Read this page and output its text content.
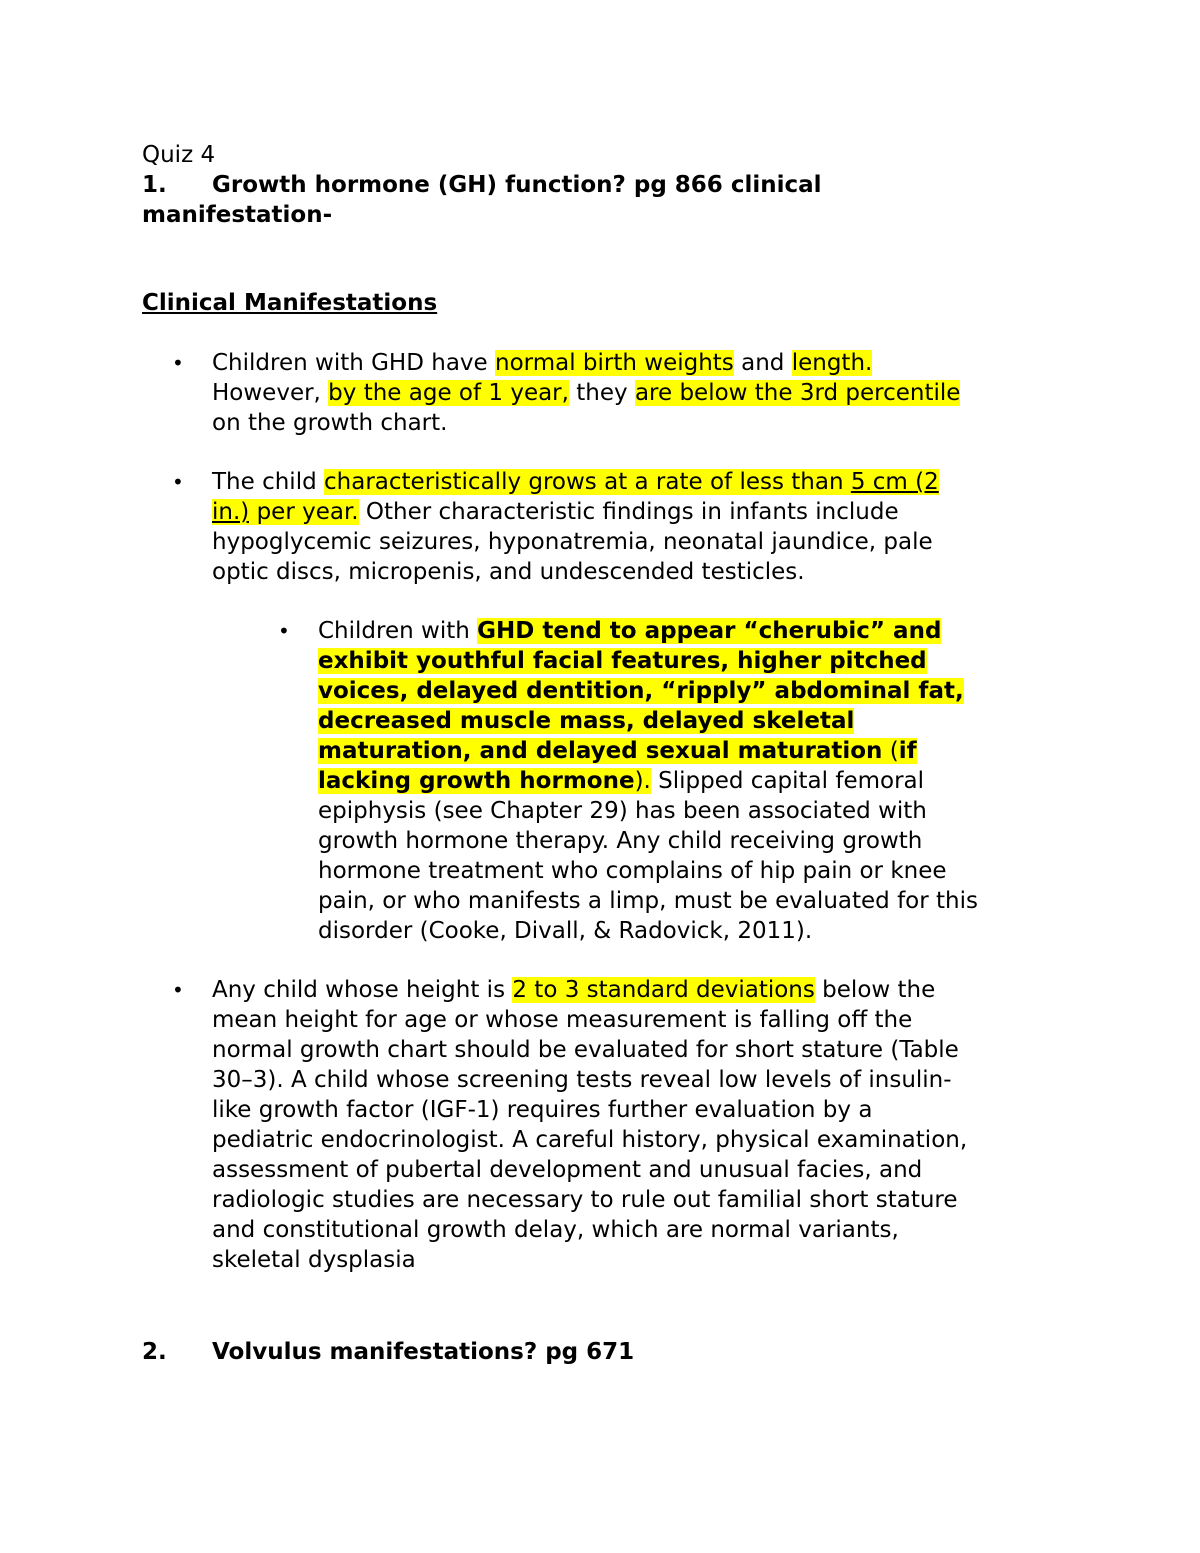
Quiz 4
1. Growth hormone (GH) function? pg 866 clinical
manifestation-
Clinical Manifestations
•	Children with GHD have normal birth weights and length.
However, by the age of 1 year, they are below the 3rd percentile
on the growth chart.
•	The child characteristically grows at a rate of less than 5 cm (2
in.) per year. Other characteristic findings in infants include
hypoglycemic seizures, hyponatremia, neonatal jaundice, pale
optic discs, micropenis, and undescended testicles.
•	Children with GHD tend to appear “cherubic” and
exhibit youthful facial features, higher pitched
voices, delayed dentition, “ripply” abdominal fat,
decreased muscle mass, delayed skeletal
maturation, and delayed sexual maturation (if
lacking growth hormone). Slipped capital femoral
epiphysis (see Chapter 29) has been associated with
growth hormone therapy. Any child receiving growth
hormone treatment who complains of hip pain or knee
pain, or who manifests a limp, must be evaluated for this
disorder (Cooke, Divall, & Radovick, 2011).
•	Any child whose height is 2 to 3 standard deviations below the
mean height for age or whose measurement is falling off the
normal growth chart should be evaluated for short stature (Table
30–3). A child whose screening tests reveal low levels of insulin-
like growth factor (IGF-1) requires further evaluation by a
pediatric endocrinologist. A careful history, physical examination,
assessment of pubertal development and unusual facies, and
radiologic studies are necessary to rule out familial short stature
and constitutional growth delay, which are normal variants,
skeletal dysplasia
2. Volvulus manifestations? pg 671
